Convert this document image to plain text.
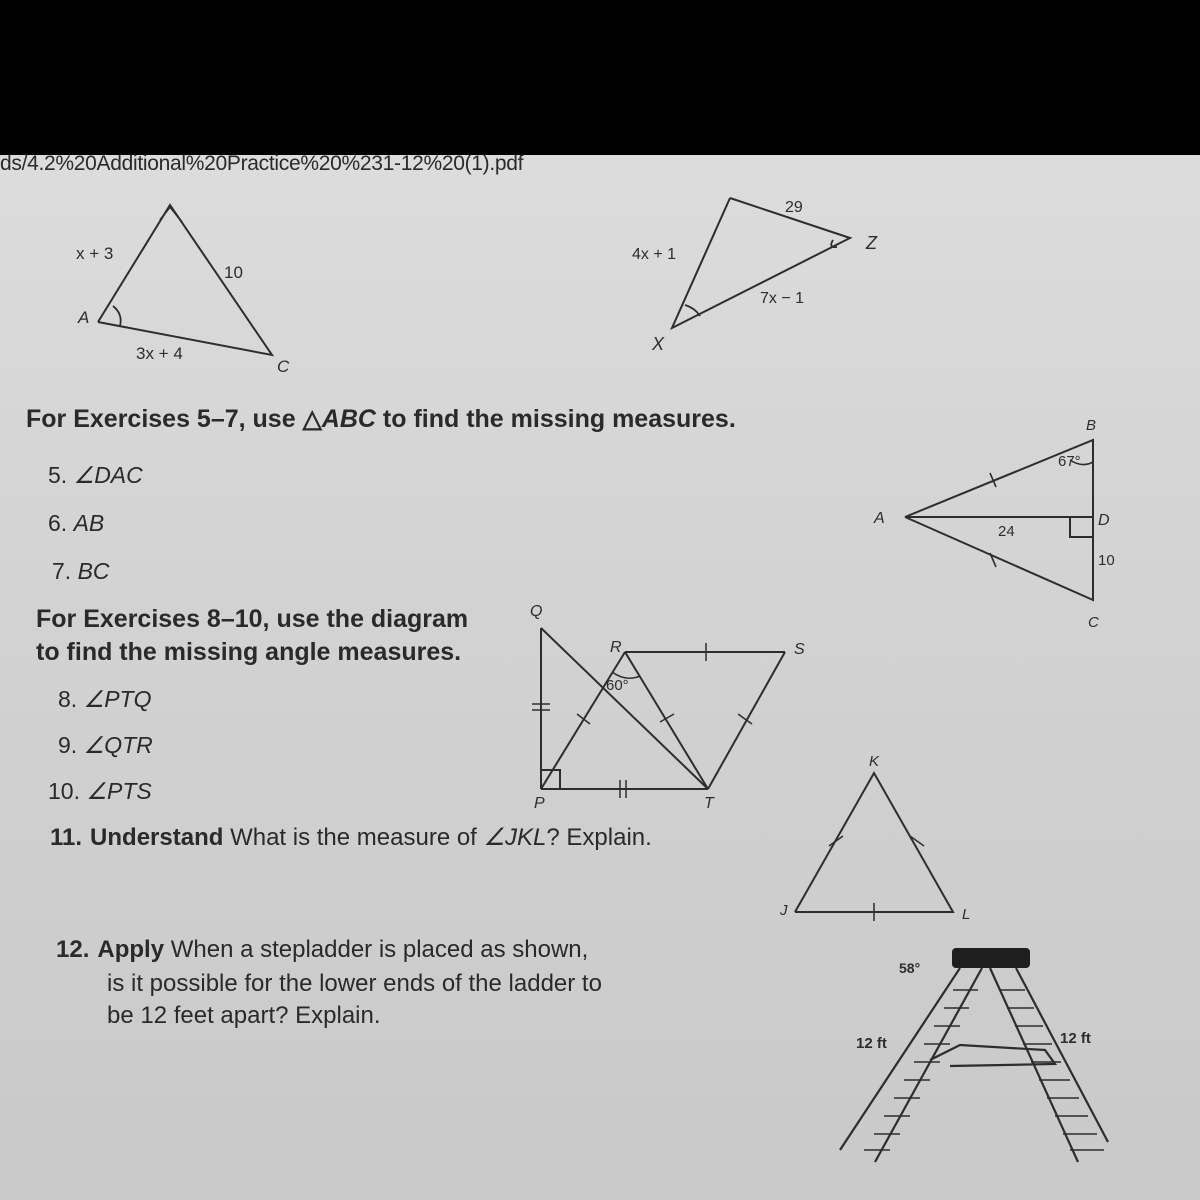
ds/4.2%20Additional%20Practice%20%231-12%20(1).pdf
x + 3
10
3x + 4
A
C
29
4x + 1
7x − 1
Z
X
B
67°
A	D
C
24
10
Q
R	S
P	T
60°
K
J	L
58°
12 ft	12 ft
For Exercises 5–7, use △ABC to find the missing measures.
5. ∠DAC
6. AB
7. BC
For Exercises 8–10, use the diagram
to find the missing angle measures.
8. ∠PTQ
9. ∠QTR
10. ∠PTS
11. Understand What is the measure of ∠JKL? Explain.
12. Apply When a stepladder is placed as shown,
is it possible for the lower ends of the ladder to
be 12 feet apart? Explain.
